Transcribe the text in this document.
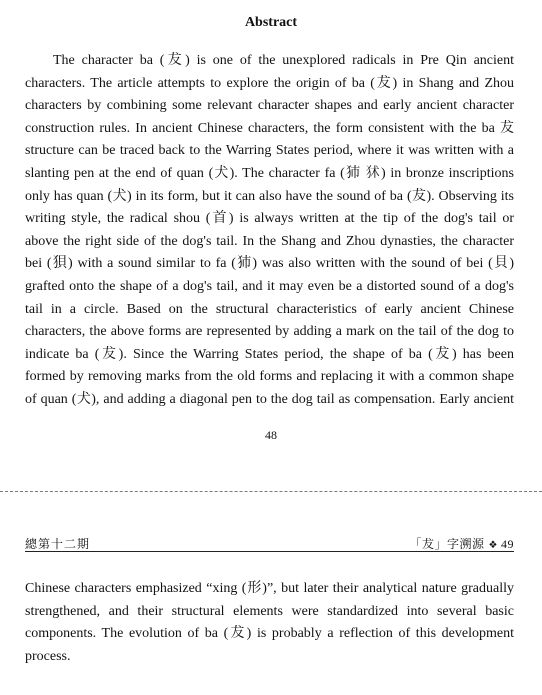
Abstract
The character ba (犮) is one of the unexplored radicals in Pre Qin ancient
characters. The article attempts to explore the origin of ba (犮) in Shang and Zhou
characters by combining some relevant character shapes and early ancient character
construction rules. In ancient Chinese characters, the form consistent with the ba 犮
structure can be traced back to the Warring States period, where it was written with a
slanting pen at the end of quan (犬). The character fa (犻 𤝞) in bronze inscriptions
only has quan (犬) in its form, but it can also have the sound of ba (犮). Observing its
writing style, the radical shou (首) is always written at the tip of the dog's tail or
above the right side of the dog's tail. In the Shang and Zhou dynasties, the character
bei (狽) with a sound similar to fa (犻) was also written with the sound of bei (貝)
grafted onto the shape of a dog's tail, and it may even be a distorted sound of a dog's
tail in a circle. Based on the structural characteristics of early ancient Chinese
characters, the above forms are represented by adding a mark on the tail of the dog to
indicate ba (犮). Since the Warring States period, the shape of ba (犮) has been
formed by removing marks from the old forms and replacing it with a common shape
of quan (犬), and adding a diagonal pen to the dog tail as compensation. Early ancient
48
總第十二期	「犮」字溯源 ❖ 49
Chinese characters emphasized “xing (形)”, but later their analytical nature gradually
strengthened, and their structural elements were standardized into several basic
components. The evolution of ba (犮) is probably a reflection of this development
process.
